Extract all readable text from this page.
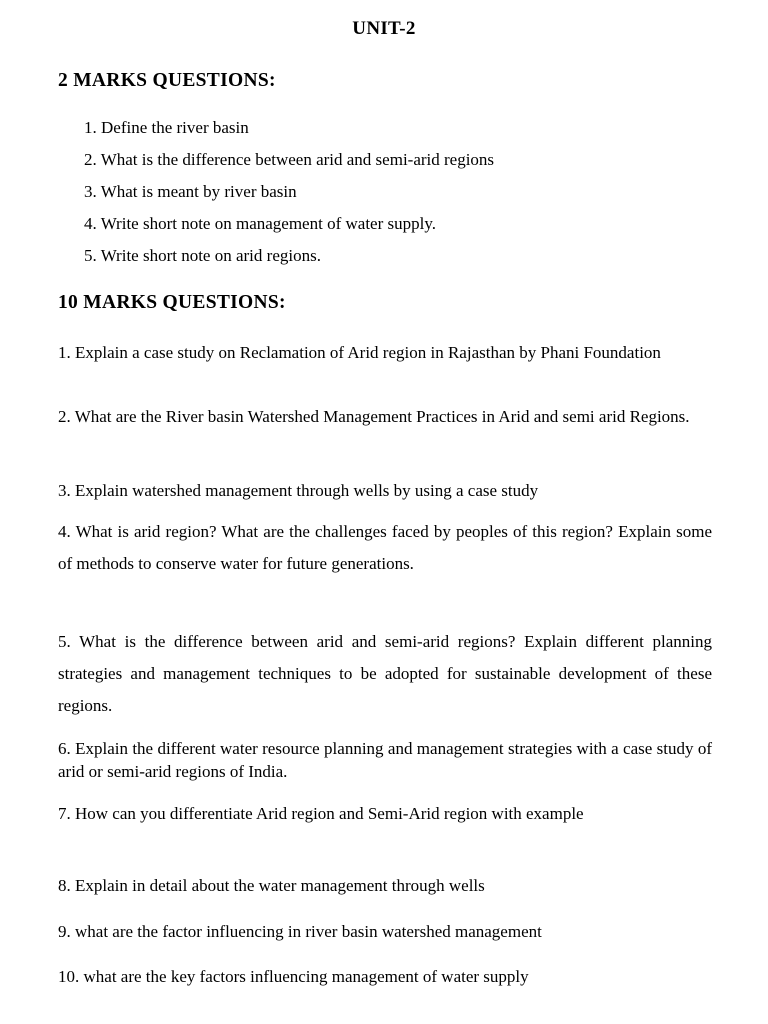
UNIT-2
2 MARKS QUESTIONS:
1. Define the river basin
2. What is the difference between arid and semi-arid regions
3. What is meant by river basin
4. Write short note on management of water supply.
5. Write short note on arid regions.
10 MARKS QUESTIONS:

1. Explain a case study on Reclamation of Arid region in Rajasthan by Phani Foundation

2. What are the River basin Watershed Management Practices in Arid and semi arid Regions.

3. Explain watershed management through wells by using a case study

4. What is arid region? What are the challenges faced by peoples of this region? Explain some of methods to conserve water for future generations.

5. What is the difference between arid and semi-arid regions? Explain different planning strategies and management techniques to be adopted for sustainable development of these regions.

6. Explain the different water resource planning and management strategies with a case study of arid or semi-arid regions of India.

7. How can you differentiate Arid region and Semi-Arid region with example

8. Explain in detail about the water management through wells

9. what are the factor influencing in river basin watershed management

10. what are the key factors influencing management of water supply
